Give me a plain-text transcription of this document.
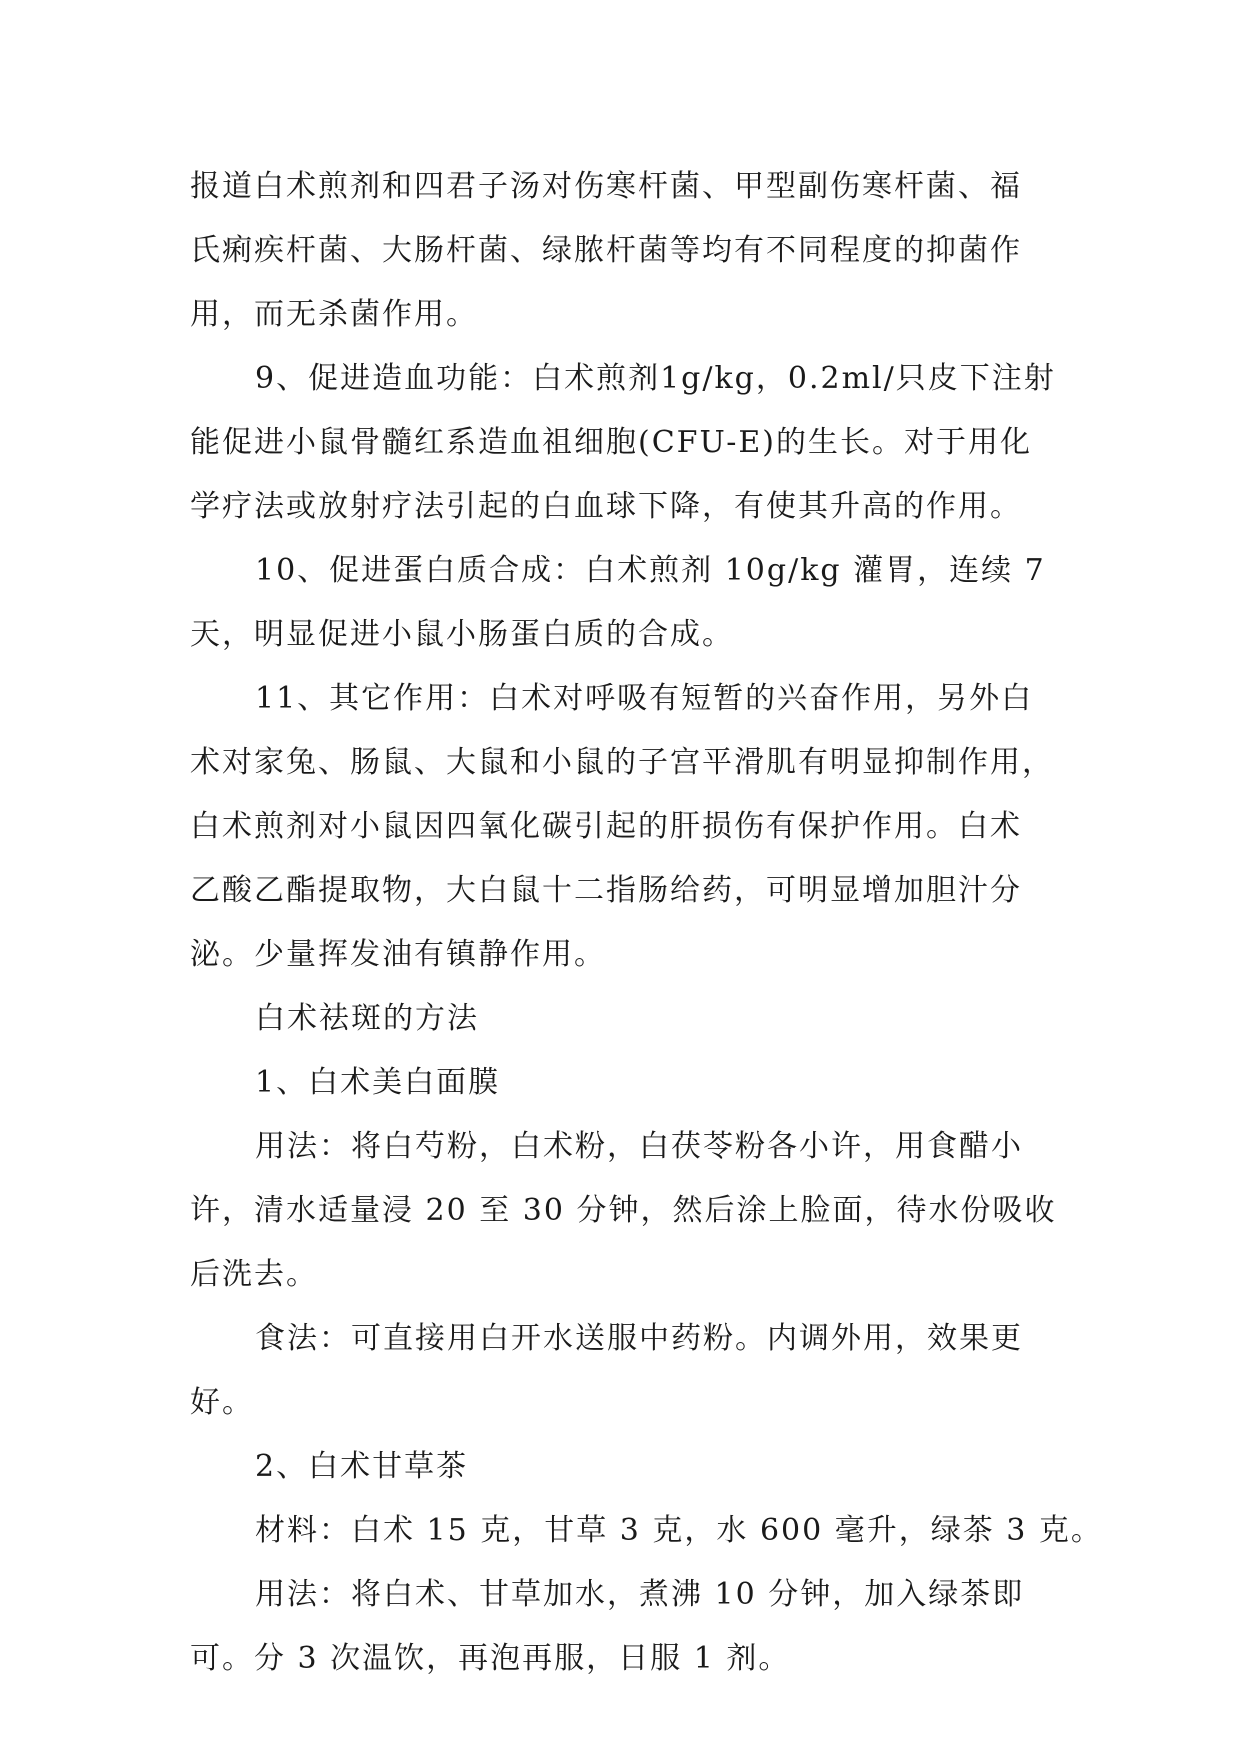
报道白术煎剂和四君子汤对伤寒杆菌、甲型副伤寒杆菌、福
氏痢疾杆菌、大肠杆菌、绿脓杆菌等均有不同程度的抑菌作
用，而无杀菌作用。
9、促进造血功能：白术煎剂1g/kg，0.2ml/只皮下注射
能促进小鼠骨髓红系造血祖细胞(CFU-E)的生长。对于用化
学疗法或放射疗法引起的白血球下降，有使其升高的作用。
10、促进蛋白质合成：白术煎剂 10g/kg 灌胃，连续 7
天，明显促进小鼠小肠蛋白质的合成。
11、其它作用：白术对呼吸有短暂的兴奋作用，另外白
术对家兔、肠鼠、大鼠和小鼠的子宫平滑肌有明显抑制作用，
白术煎剂对小鼠因四氧化碳引起的肝损伤有保护作用。白术
乙酸乙酯提取物，大白鼠十二指肠给药，可明显增加胆汁分
泌。少量挥发油有镇静作用。
白术祛斑的方法
1、白术美白面膜
用法：将白芍粉，白术粉，白茯苓粉各小许，用食醋小
许，清水适量浸 20 至 30 分钟，然后涂上脸面，待水份吸收
后洗去。
食法：可直接用白开水送服中药粉。内调外用，效果更
好。
2、白术甘草茶
材料：白术 15 克，甘草 3 克，水 600 毫升，绿茶 3 克。
用法：将白术、甘草加水，煮沸 10 分钟，加入绿茶即
可。分 3 次温饮，再泡再服，日服 1 剂。
